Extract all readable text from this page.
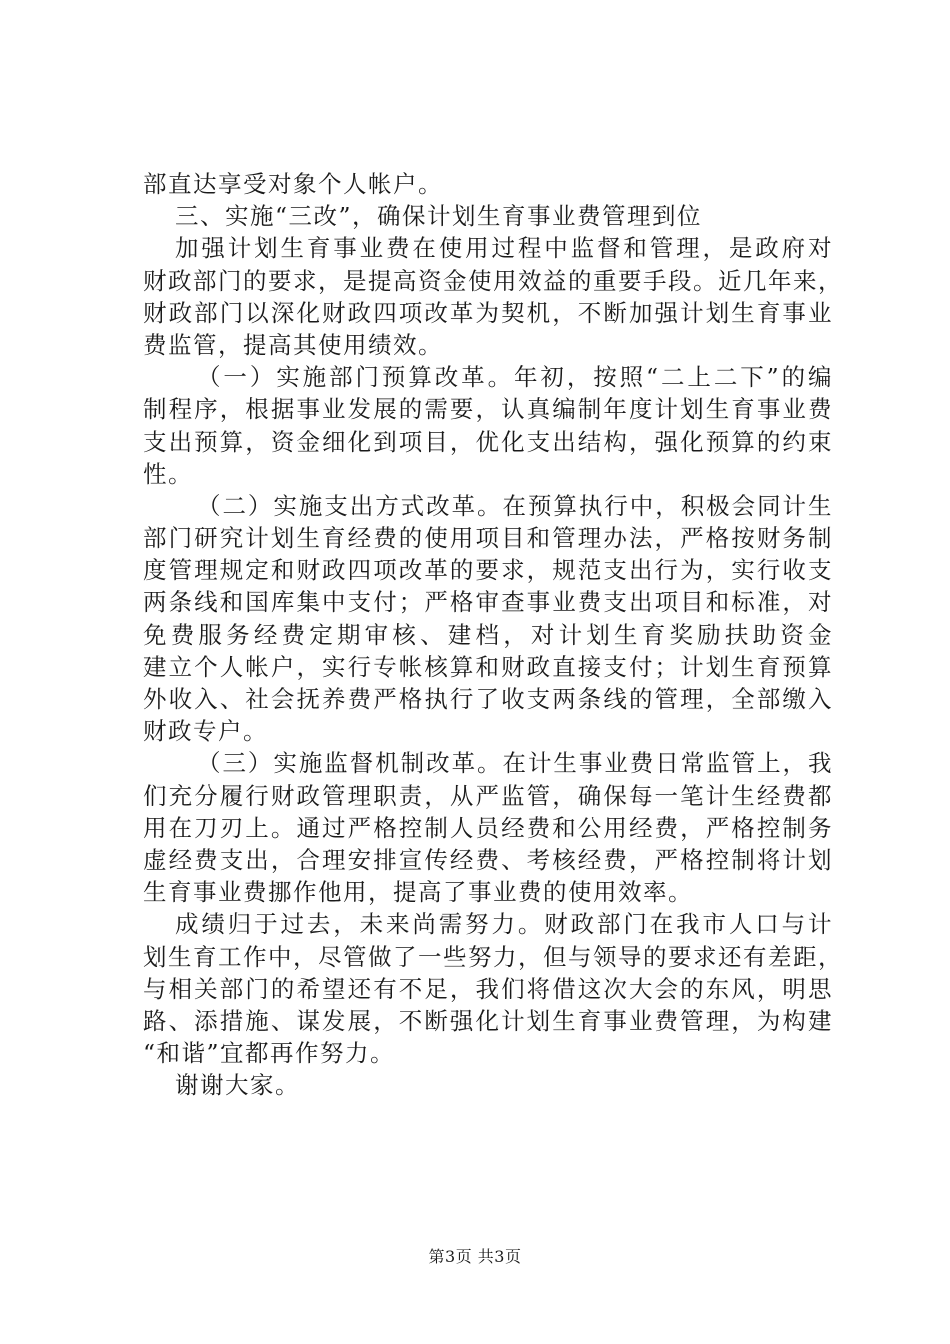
部直达享受对象个人帐户。
三、实施“三改”，确保计划生育事业费管理到位
加强计划生育事业费在使用过程中监督和管理，是政府对
财政部门的要求，是提高资金使用效益的重要手段。近几年来，
财政部门以深化财政四项改革为契机，不断加强计划生育事业
费监管，提高其使用绩效。
（一）实施部门预算改革。年初，按照“二上二下”的编
制程序，根据事业发展的需要，认真编制年度计划生育事业费
支出预算，资金细化到项目，优化支出结构，强化预算的约束
性。
（二）实施支出方式改革。在预算执行中，积极会同计生
部门研究计划生育经费的使用项目和管理办法，严格按财务制
度管理规定和财政四项改革的要求，规范支出行为，实行收支
两条线和国库集中支付；严格审查事业费支出项目和标准，对
免费服务经费定期审核、建档，对计划生育奖励扶助资金
建立个人帐户，实行专帐核算和财政直接支付；计划生育预算
外收入、社会抚养费严格执行了收支两条线的管理，全部缴入
财政专户。
（三）实施监督机制改革。在计生事业费日常监管上，我
们充分履行财政管理职责，从严监管，确保每一笔计生经费都
用在刀刃上。通过严格控制人员经费和公用经费，严格控制务
虚经费支出，合理安排宣传经费、考核经费，严格控制将计划
生育事业费挪作他用，提高了事业费的使用效率。
成绩归于过去，未来尚需努力。财政部门在我市人口与计
划生育工作中，尽管做了一些努力，但与领导的要求还有差距，
与相关部门的希望还有不足，我们将借这次大会的东风，明思
路、添措施、谋发展，不断强化计划生育事业费管理，为构建
“和谐”宜都再作努力。
谢谢大家。
第3页 共3页
